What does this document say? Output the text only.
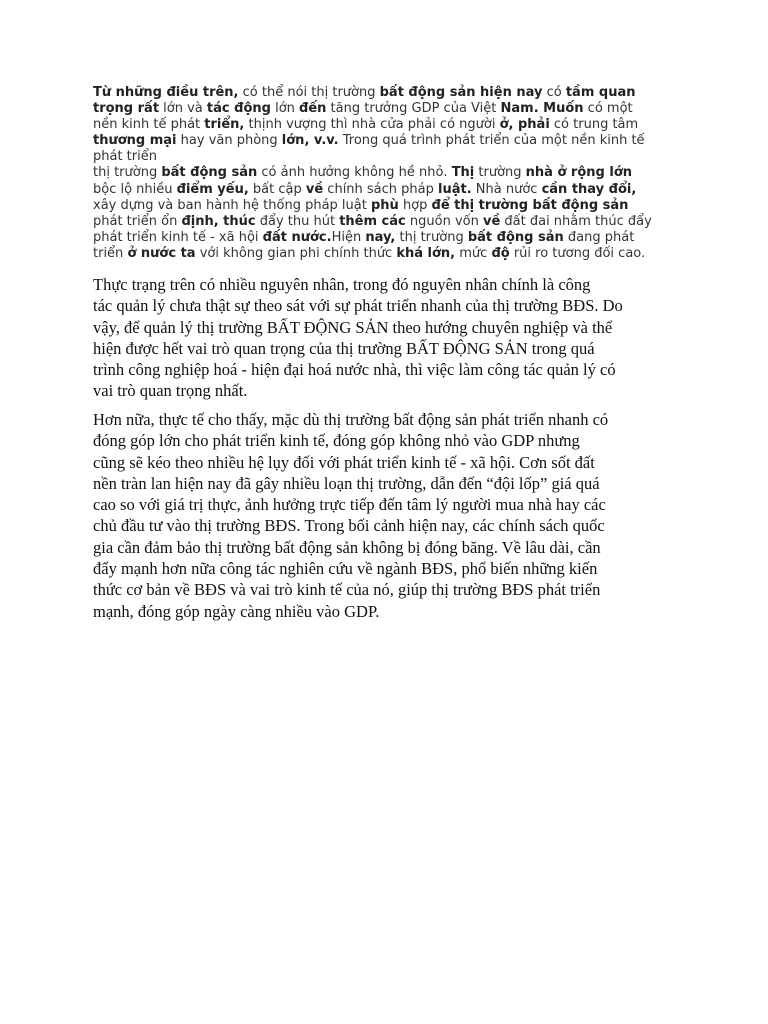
Từ những điều trên, có thể nói thị trường bất động sản hiện nay có tầm quan
trọng rất lớn và tác động lớn đến tăng trưởng GDP của Việt Nam. Muốn có một
nền kinh tế phát triển, thịnh vượng thì nhà cửa phải có người ở, phải có trung tâm
thương mại hay văn phòng lớn, v.v. Trong quá trình phát triển của một nền kinh tế
phát triển
thị trường bất động sản có ảnh hưởng không hề nhỏ. Thị trường nhà ở rộng lớn
bộc lộ nhiều điểm yếu, bất cập về chính sách pháp luật. Nhà nước cần thay đổi,
xây dựng và ban hành hệ thống pháp luật phù hợp để thị trường bất động sản
phát triển ổn định, thúc đẩy thu hút thêm các nguồn vốn về đất đai nhằm thúc đẩy
phát triển kinh tế - xã hội đất nước.Hiện nay, thị trường bất động sản đang phát
triển ở nước ta với không gian phi chính thức khá lớn, mức độ rủi ro tương đối cao.
Thực trạng trên có nhiều nguyên nhân, trong đó nguyên nhân chính là công
tác quản lý chưa thật sự theo sát với sự phát triển nhanh của thị trường BĐS. Do
vậy, để quản lý thị trường BẤT ĐỘNG SẢN theo hướng chuyên nghiệp và thể
hiện được hết vai trò quan trọng của thị trường BẤT ĐỘNG SẢN trong quá
trình công nghiệp hoá - hiện đại hoá nước nhà, thì việc làm công tác quản lý có
vai trò quan trọng nhất.
Hơn nữa, thực tế cho thấy, mặc dù thị trường bất động sản phát triển nhanh có
đóng góp lớn cho phát triển kinh tế, đóng góp không nhỏ vào GDP nhưng
cũng sẽ kéo theo nhiều hệ lụy đối với phát triển kinh tế - xã hội. Cơn sốt đất
nền tràn lan hiện nay đã gây nhiều loạn thị trường, dẫn đến “đội lốp” giá quá
cao so với giá trị thực, ảnh hưởng trực tiếp đến tâm lý người mua nhà hay các
chủ đầu tư vào thị trường BĐS. Trong bối cảnh hiện nay, các chính sách quốc
gia cần đảm bảo thị trường bất động sản không bị đóng băng. Về lâu dài, cần
đẩy mạnh hơn nữa công tác nghiên cứu về ngành BĐS, phổ biến những kiến
thức cơ bản về BĐS và vai trò kinh tế của nó, giúp thị trường BĐS phát triển
mạnh, đóng góp ngày càng nhiều vào GDP.
